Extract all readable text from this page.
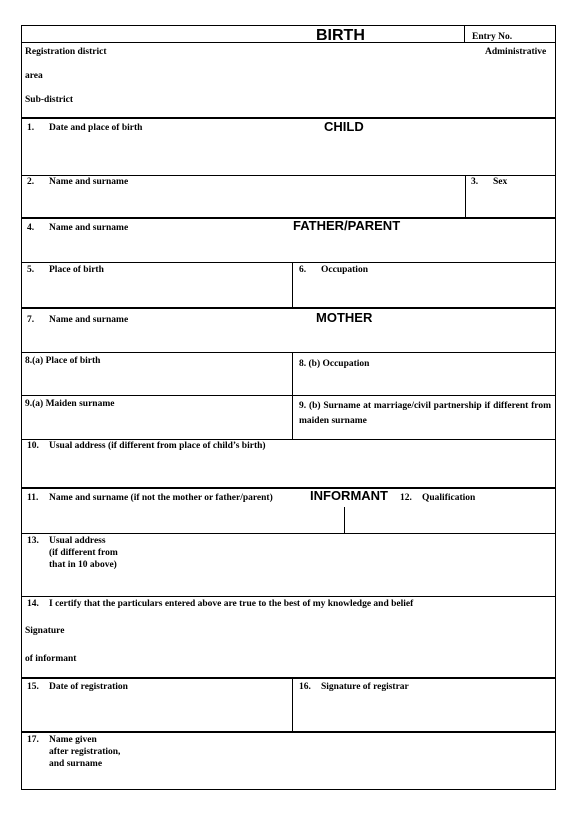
BIRTH	Entry No.
Registration district	Administrative
area
Sub-district
1. Date and place of birth	CHILD
2. Name and surname	3. Sex
4. Name and surname	FATHER/PARENT
5. Place of birth	6. Occupation
7. Name and surname	MOTHER
8.(a) Place of birth	8. (b) Occupation
9.(a) Maiden surname	9. (b) Surname at marriage/civil partnership if different from maiden surname
10. Usual address (if different from place of child’s birth)
11. Name and surname (if not the mother or father/parent)	INFORMANT 12. Qualification
13. Usual address
(if different from
that in 10 above)
14. I certify that the particulars entered above are true to the best of my knowledge and belief
Signature
of informant
15. Date of registration	16. Signature of registrar
17. Name given
after registration,
and surname
